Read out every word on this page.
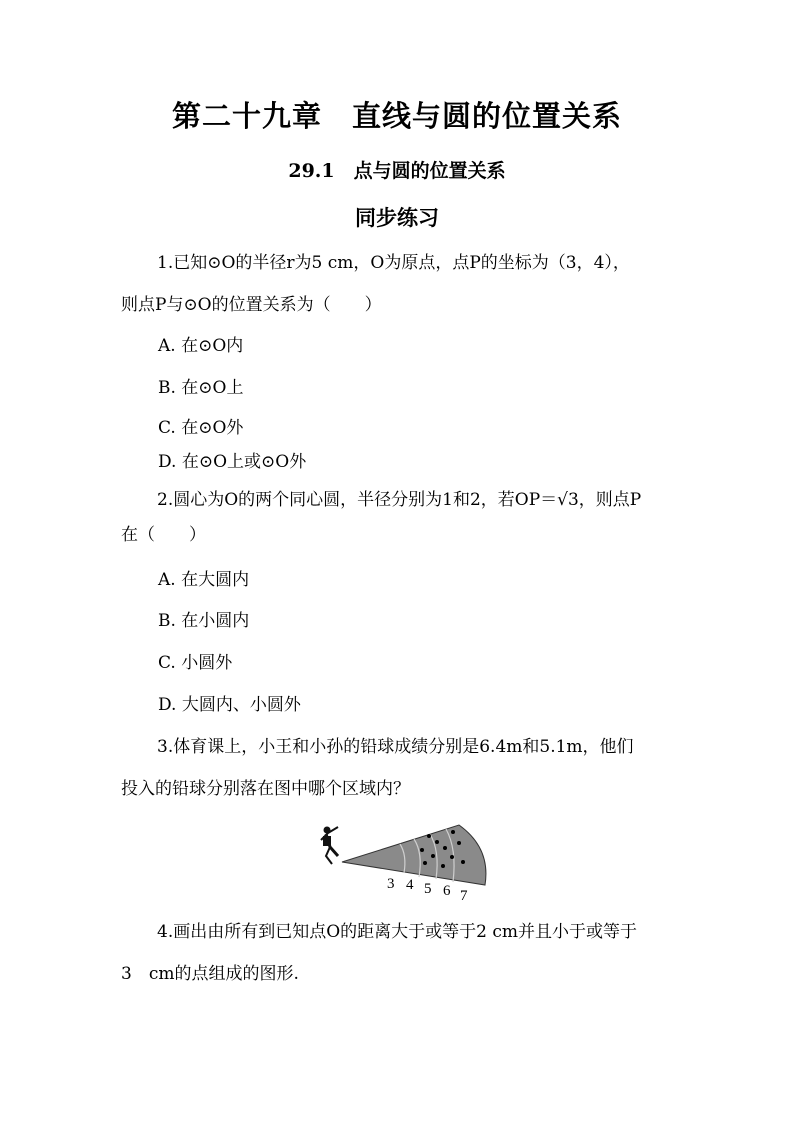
第二十九章　直线与圆的位置关系
29.1　点与圆的位置关系
同步练习
1.已知⊙O的半径r为5 cm，O为原点，点P的坐标为（3，4），
则点P与⊙O的位置关系为（　　）
A. 在⊙O内
B. 在⊙O上
C. 在⊙O外
D. 在⊙O上或⊙O外
2.圆心为O的两个同心圆，半径分别为1和2，若OP＝√3，则点P
在（　　）
A. 在大圆内
B. 在小圆内
C. 小圆外
D. 大圆内、小圆外
3.体育课上，小王和小孙的铅球成绩分别是6.4m和5.1m，他们
投入的铅球分别落在图中哪个区域内？
3 4 5 6 7
4.画出由所有到已知点O的距离大于或等于2 cm并且小于或等于
3　cm的点组成的图形.
